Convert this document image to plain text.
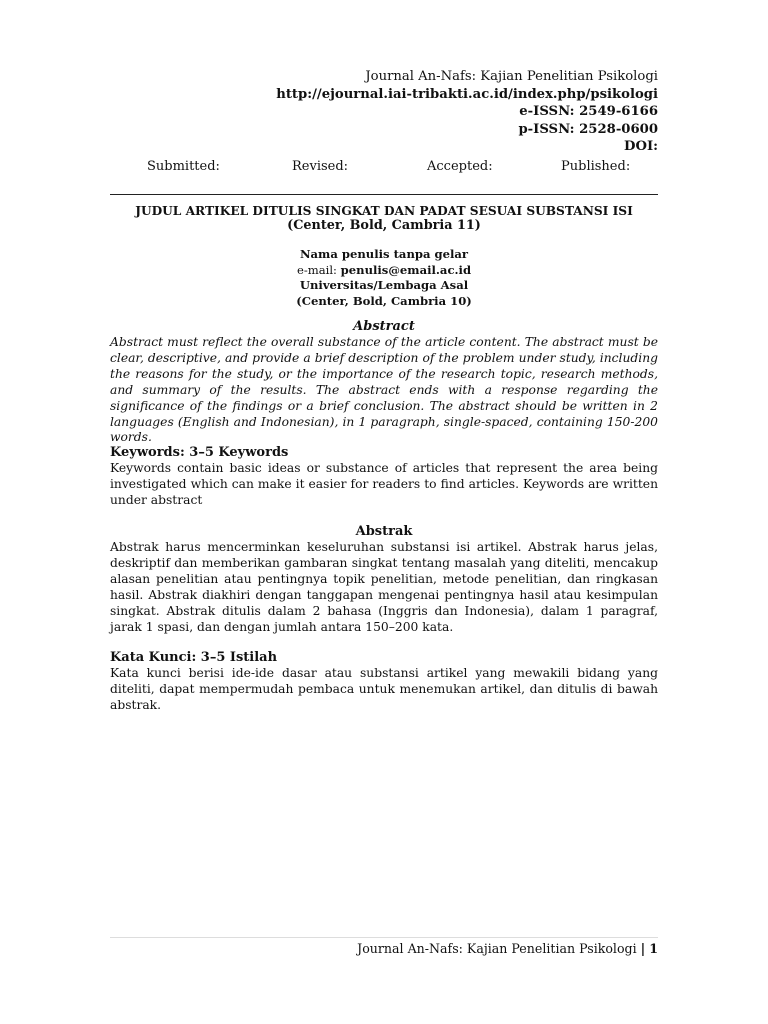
Journal An-Nafs: Kajian Penelitian Psikologi
http://ejournal.iai-tribakti.ac.id/index.php/psikologi
e-ISSN: 2549-6166
p-ISSN: 2528-0600
DOI:
Submitted:	Revised:	Accepted:	Published:
JUDUL ARTIKEL DITULIS SINGKAT DAN PADAT SESUAI SUBSTANSI ISI
(Center, Bold, Cambria 11)
Nama penulis tanpa gelar
e-mail: penulis@email.ac.id
Universitas/Lembaga Asal
(Center, Bold, Cambria 10)
Abstract
Abstract must reflect the overall substance of the article content. The abstract must be clear, descriptive, and provide a brief description of the problem under study, including the reasons for the study, or the importance of the research topic, research methods, and summary of the results. The abstract ends with a response regarding the significance of the findings or a brief conclusion. The abstract should be written in 2 languages (English and Indonesian), in 1 paragraph, single-spaced, containing 150-200 words.
Keywords: 3–5 Keywords
Keywords contain basic ideas or substance of articles that represent the area being investigated which can make it easier for readers to find articles. Keywords are written under abstract
Abstrak
Abstrak harus mencerminkan keseluruhan substansi isi artikel. Abstrak harus jelas, deskriptif dan memberikan gambaran singkat tentang masalah yang diteliti, mencakup alasan penelitian atau pentingnya topik penelitian, metode penelitian, dan ringkasan hasil. Abstrak diakhiri dengan tanggapan mengenai pentingnya hasil atau kesimpulan singkat. Abstrak ditulis dalam 2 bahasa (Inggris dan Indonesia), dalam 1 paragraf, jarak 1 spasi, dan dengan jumlah antara 150–200 kata.
Kata Kunci: 3–5 Istilah
Kata kunci berisi ide-ide dasar atau substansi artikel yang mewakili bidang yang diteliti, dapat mempermudah pembaca untuk menemukan artikel, dan ditulis di bawah abstrak.
Journal An-Nafs: Kajian Penelitian Psikologi | 1
